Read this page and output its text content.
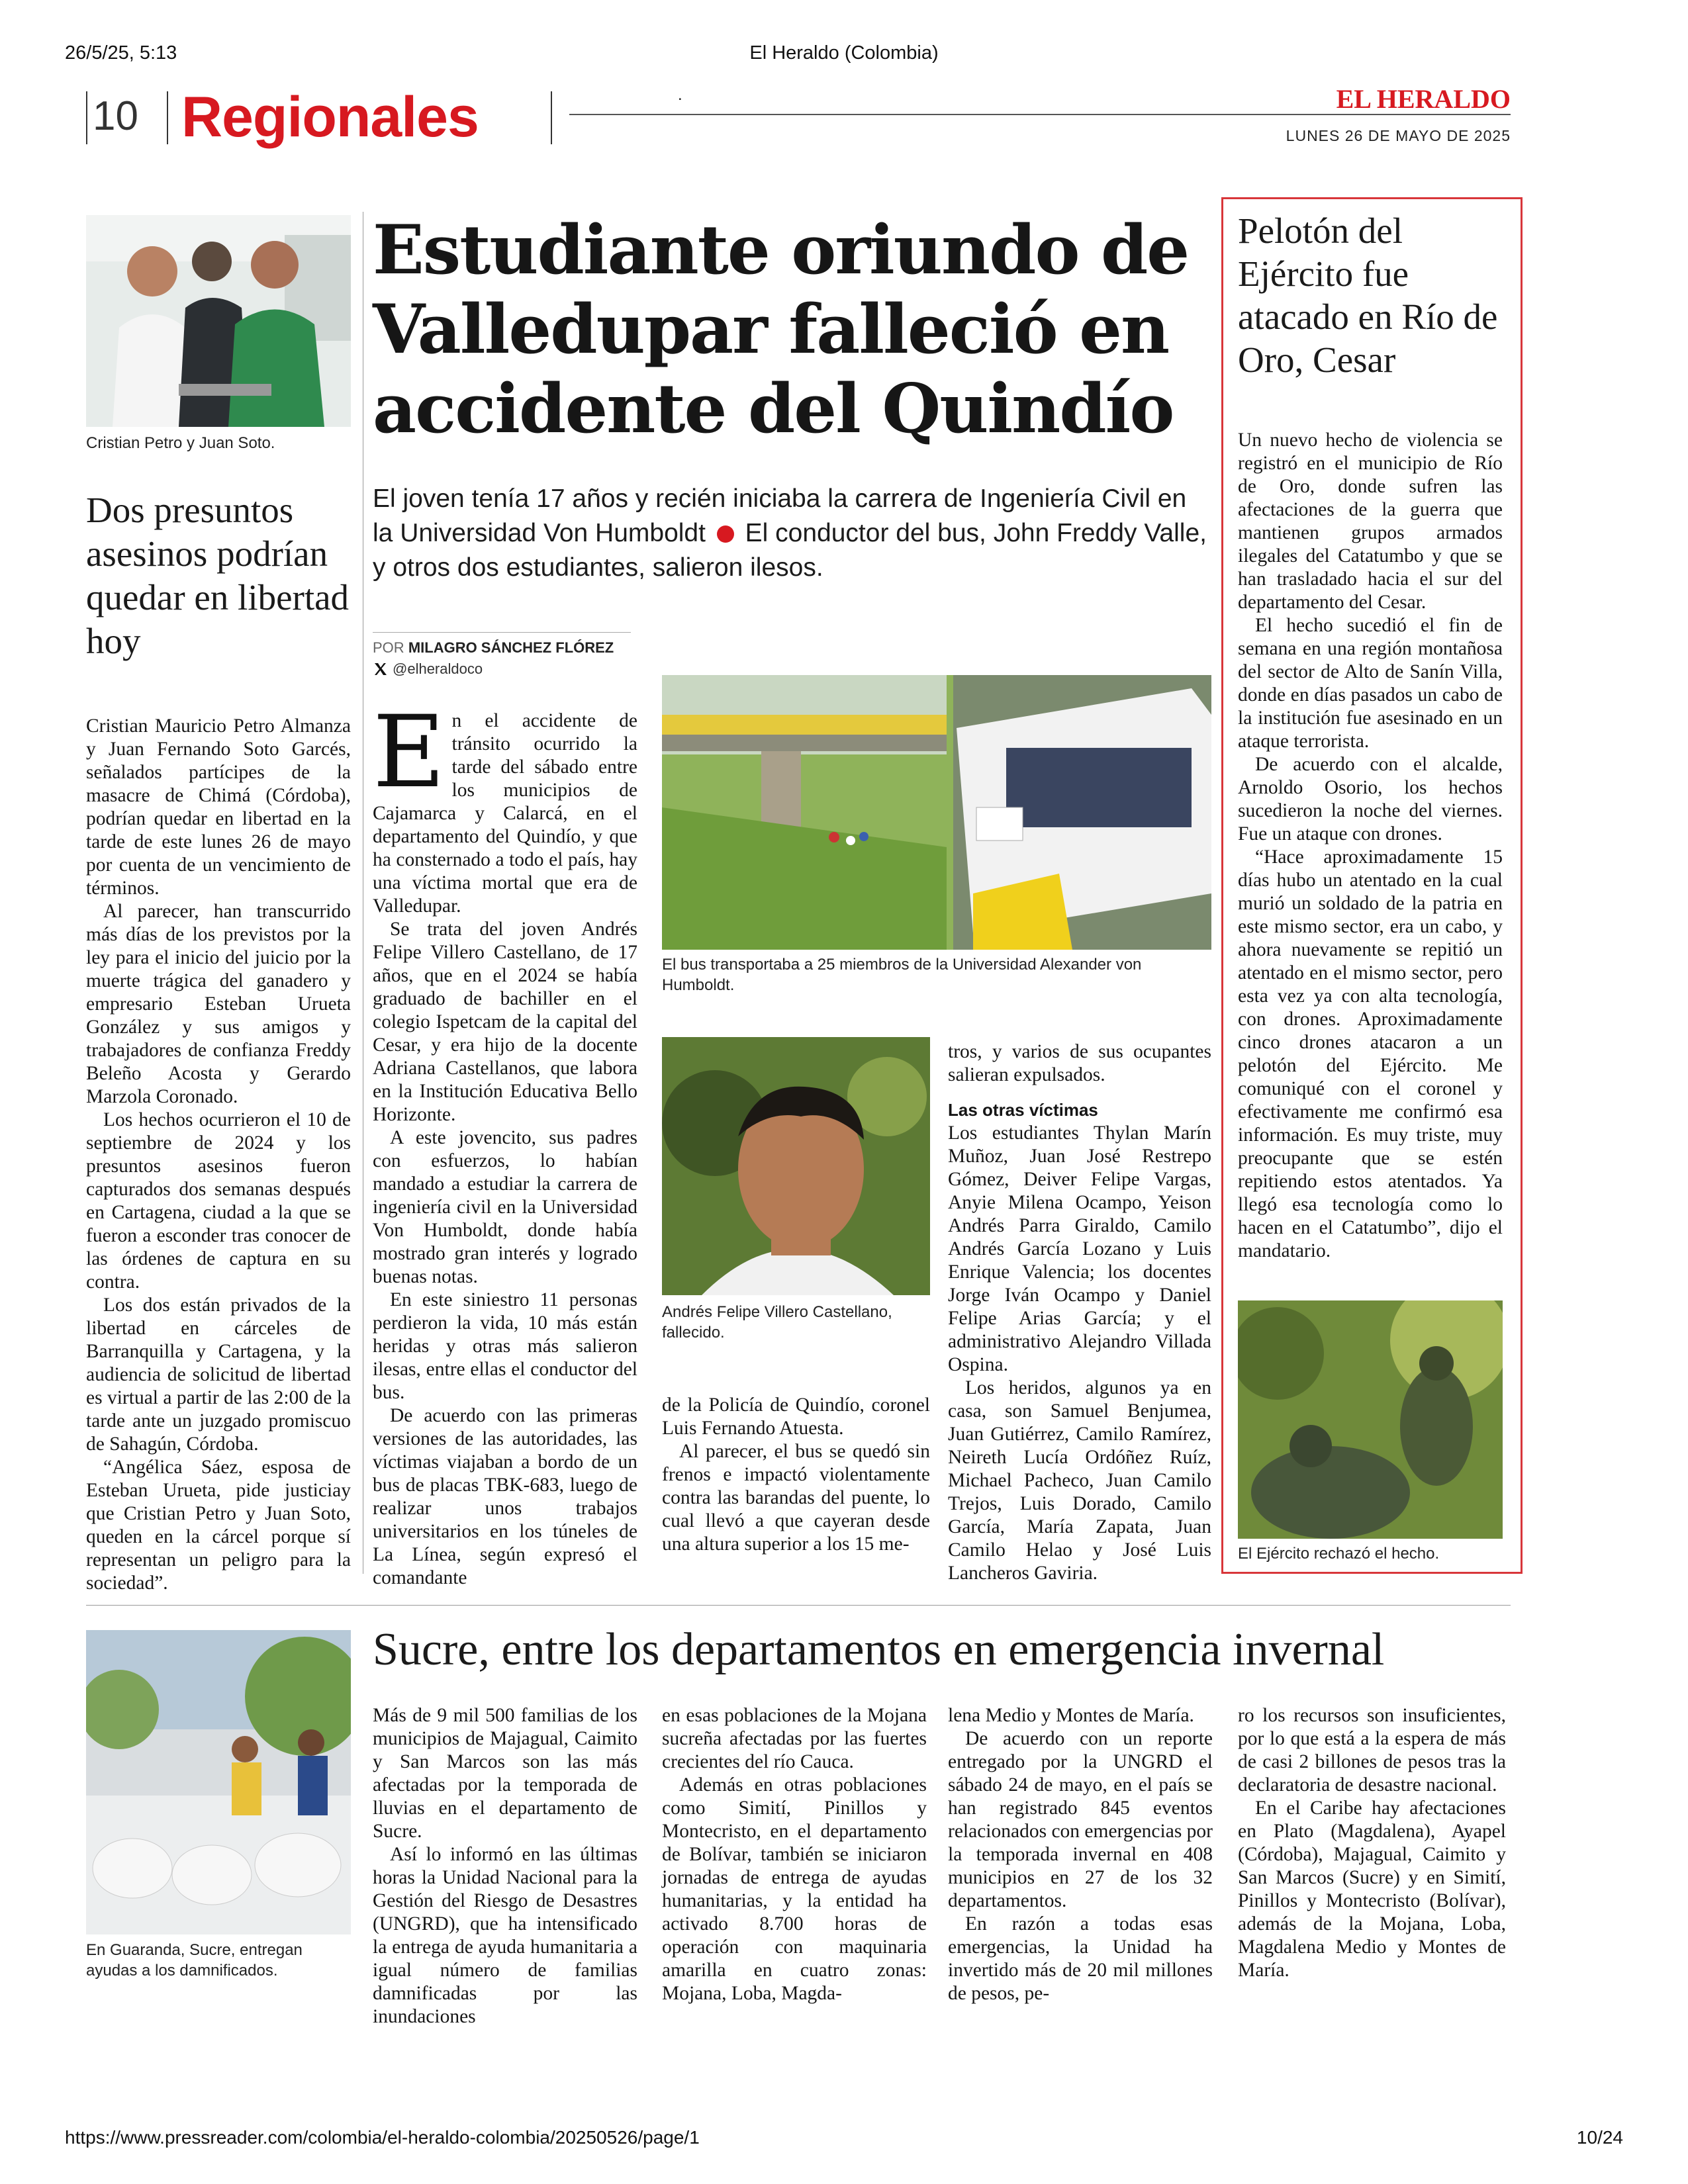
26/5/25, 5:13	El Heraldo (Colombia)
https://www.pressreader.com/colombia/el-heraldo-colombia/20250526/page/1	10/24
10 Regionales	.	EL HERALDO
LUNES 26 DE MAYO DE 2025
Cristian Petro y Juan Soto.
Dos presuntos asesinos podrían quedar en libertad hoy

Cristian Mauricio Petro Almanza y Juan Fernando Soto Garcés, señalados partícipes de la masacre de Chimá (Córdoba), podrían quedar en libertad en la tarde de este lunes 26 de mayo por cuenta de un vencimiento de términos.

Al parecer, han transcurrido más días de los previstos por la ley para el inicio del juicio por la muerte trágica del ganadero y empresario Esteban Urueta González y sus amigos y trabajadores de confianza Freddy Beleño Acosta y Gerardo Marzola Coronado.

Los hechos ocurrieron el 10 de septiembre de 2024 y los presuntos asesinos fueron capturados dos semanas después en Cartagena, ciudad a la que se fueron a esconder tras conocer de las órdenes de captura en su contra.

Los dos están privados de la libertad en cárceles de Barranquilla y Cartagena, y la audiencia de solicitud de libertad es virtual a partir de las 2:00 de la tarde ante un juzgado promiscuo de Sahagún, Córdoba.

“Angélica Sáez, esposa de Esteban Urueta, pide justiciay que Cristian Petro y Juan Soto, queden en la cárcel porque sí representan un peligro para la sociedad”.

Estudiante oriundo de Valledupar falleció en accidente del Quindío
El joven tenía 17 años y recién iniciaba la carrera de Ingeniería Civil en la Universidad Von Humboldt El conductor del bus, John Freddy Valle, y otros dos estudiantes, salieron ilesos.
POR MILAGRO SÁNCHEZ FLÓREZ
@elheraldoco

En el accidente de tránsito ocurrido la tarde del sábado entre los municipios de Cajamarca y Calarcá, en el departamento del Quindío, y que ha consternado a todo el país, hay una víctima mortal que era de Valledupar.

Se trata del joven Andrés Felipe Villero Castellano, de 17 años, que en el 2024 se había graduado de bachiller en el colegio Ispetcam de la capital del Cesar, y era hijo de la docente Adriana Castellanos, que labora en la Institución Educativa Bello Horizonte.

A este jovencito, sus padres con esfuerzos, lo habían mandado a estudiar la carrera de ingeniería civil en la Universidad Von Humboldt, donde había mostrado gran interés y logrado buenas notas.

En este siniestro 11 personas perdieron la vida, 10 más están heridas y otras más salieron ilesas, entre ellas el conductor del bus.

De acuerdo con las primeras versiones de las autoridades, las víctimas viajaban a bordo de un bus de placas TBK-683, luego de realizar unos trabajos universitarios en los túneles de La Línea, según expresó el comandante

El bus transportaba a 25 miembros de la Universidad Alexander von Humboldt.
Andrés Felipe Villero Castellano, fallecido.

de la Policía de Quindío, coronel Luis Fernando Atuesta.

Al parecer, el bus se quedó sin frenos e impactó violentamente contra las barandas del puente, lo cual llevó a que cayeran desde una altura superior a los 15 me-

tros, y varios de sus ocupantes salieran expulsados.

Las otras víctimas

Los estudiantes Thylan Marín Muñoz, Juan José Restrepo Gómez, Deiver Felipe Vargas, Anyie Milena Ocampo, Yeison Andrés Parra Giraldo, Camilo Andrés García Lozano y Luis Enrique Valencia; los docentes Jorge Iván Ocampo y Daniel Felipe Arias García; y el administrativo Alejandro Villada Ospina.

Los heridos, algunos ya en casa, son Samuel Benjumea, Juan Gutiérrez, Camilo Ramírez, Neireth Lucía Ordóñez Ruíz, Michael Pacheco, Juan Camilo Trejos, Luis Dorado, Camilo García, María Zapata, Juan Camilo Helao y José Luis Lancheros Gaviria.

Pelotón del Ejército fue atacado en Río de Oro, Cesar

Un nuevo hecho de violencia se registró en el municipio de Río de Oro, donde sufren las afectaciones de la guerra que mantienen grupos armados ilegales del Catatumbo y que se han trasladado hacia el sur del departamento del Cesar.

El hecho sucedió el fin de semana en una región montañosa del sector de Alto de Sanín Villa, donde en días pasados un cabo de la institución fue asesinado en un ataque terrorista.

De acuerdo con el alcalde, Arnoldo Osorio, los hechos sucedieron la noche del viernes. Fue un ataque con drones.

“Hace aproximadamente 15 días hubo un atentado en la cual murió un soldado de la patria en este mismo sector, era un cabo, y ahora nuevamente se repitió un atentado en el mismo sector, pero esta vez ya con alta tecnología, con drones. Aproximadamente cinco drones atacaron a un pelotón del Ejército. Me comuniqué con el coronel y efectivamente me confirmó esa información. Es muy triste, muy preocupante que se estén repitiendo estos atentados. Ya llegó esa tecnología como lo hacen en el Catatumbo”, dijo el mandatario.

El Ejército rechazó el hecho.
En Guaranda, Sucre, entregan ayudas a los damnificados.
Sucre, entre los departamentos en emergencia invernal

Más de 9 mil 500 familias de los municipios de Majagual, Caimito y San Marcos son las más afectadas por la temporada de lluvias en el departamento de Sucre.

Así lo informó en las últimas horas la Unidad Nacional para la Gestión del Riesgo de Desastres (UNGRD), que ha intensificado la entrega de ayuda humanitaria a igual número de familias damnificadas por las inundaciones

en esas poblaciones de la Mojana sucreña afectadas por las fuertes crecientes del río Cauca.

Además en otras poblaciones como Simití, Pinillos y Montecristo, en el departamento de Bolívar, también se iniciaron jornadas de entrega de ayudas humanitarias, y la entidad ha activado 8.700 horas de operación con maquinaria amarilla en cuatro zonas: Mojana, Loba, Magda-

lena Medio y Montes de María.

De acuerdo con un reporte entregado por la UNGRD el sábado 24 de mayo, en el país se han registrado 845 eventos relacionados con emergencias por la temporada invernal en 408 municipios en 27 de los 32 departamentos.

En razón a todas esas emergencias, la Unidad ha invertido más de 20 mil millones de pesos, pe-

ro los recursos son insuficientes, por lo que está a la espera de más de casi 2 billones de pesos tras la declaratoria de desastre nacional.

En el Caribe hay afectaciones en Plato (Magdalena), Ayapel (Córdoba), Majagual, Caimito y San Marcos (Sucre) y en Simití, Pinillos y Montecristo (Bolívar), además de la Mojana, Loba, Magdalena Medio y Montes de María.
